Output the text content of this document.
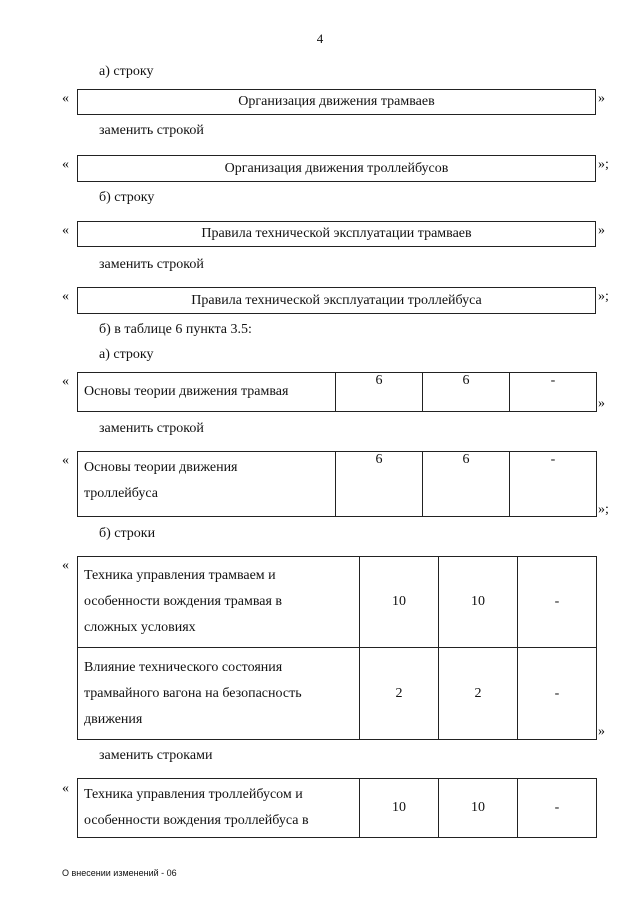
4
а) строку
«	Организация движения трамваев	»
заменить строкой
«	Организация движения троллейбусов	»;
б) строку
«	Правила технической эксплуатации трамваев	»
заменить строкой
«	Правила технической эксплуатации троллейбуса	»;
б) в таблице 6 пункта 3.5:
а) строку
«
Основы теории движения трамвая	6	6	-
»
заменить строкой
« Основы теории движения
троллейбуса
	6	6	-
»;
б) строки
«
Техника управления трамваем и
особенности вождения трамвая в
сложных условиях	10	10	-

Влияние технического состояния
трамвайного вагона на безопасность
движения	2	2	-
»
заменить строками
« Техника управления троллейбусом и
особенности вождения троллейбуса в
	10	10	-
О внесении изменений - 06
